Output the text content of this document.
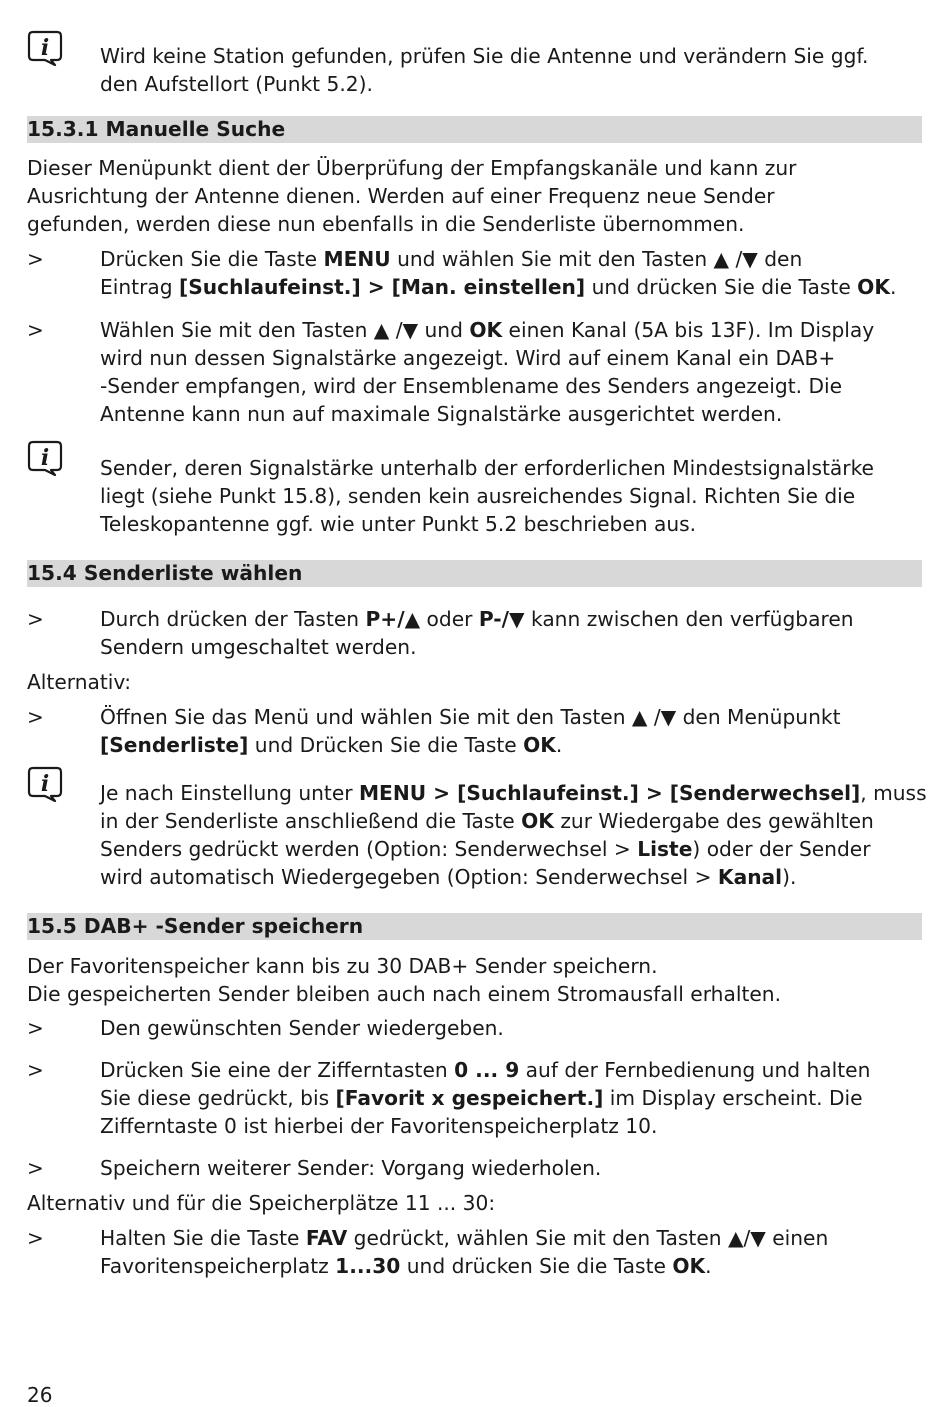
i	Wird keine Station gefunden, prüfen Sie die Antenne und verändern Sie ggf.
den Aufstellort (Punkt 5.2).
15.3.1 Manuelle Suche
Dieser Menüpunkt dient der Überprüfung der Empfangskanäle und kann zur
Ausrichtung der Antenne dienen. Werden auf einer Frequenz neue Sender
gefunden, werden diese nun ebenfalls in die Senderliste übernommen.
>	Drücken Sie die Taste MENU und wählen Sie mit den Tasten ▲ /▼ den
Eintrag [Suchlaufeinst.] > [Man. einstellen] und drücken Sie die Taste OK.
>	Wählen Sie mit den Tasten ▲ /▼ und OK einen Kanal (5A bis 13F). Im Display
wird nun dessen Signalstärke angezeigt. Wird auf einem Kanal ein DAB+
-Sender empfangen, wird der Ensemblename des Senders angezeigt. Die
Antenne kann nun auf maximale Signalstärke ausgerichtet werden.
i	Sender, deren Signalstärke unterhalb der erforderlichen Mindestsignalstärke
liegt (siehe Punkt 15.8), senden kein ausreichendes Signal. Richten Sie die
Teleskopantenne ggf. wie unter Punkt 5.2 beschrieben aus.
15.4 Senderliste wählen
>	Durch drücken der Tasten P+/▲ oder P-/▼ kann zwischen den verfügbaren
Sendern umgeschaltet werden.
Alternativ:
>	Öffnen Sie das Menü und wählen Sie mit den Tasten ▲ /▼ den Menüpunkt
[Senderliste] und Drücken Sie die Taste OK.
i	Je nach Einstellung unter MENU > [Suchlaufeinst.] > [Senderwechsel], muss
in der Senderliste anschließend die Taste OK zur Wiedergabe des gewählten
Senders gedrückt werden (Option: Senderwechsel > Liste) oder der Sender
wird automatisch Wiedergegeben (Option: Senderwechsel > Kanal).
15.5 DAB+ -Sender speichern
Der Favoritenspeicher kann bis zu 30 DAB+ Sender speichern.
Die gespeicherten Sender bleiben auch nach einem Stromausfall erhalten.
>	Den gewünschten Sender wiedergeben.
>	Drücken Sie eine der Zifferntasten 0 ... 9 auf der Fernbedienung und halten
Sie diese gedrückt, bis [Favorit x gespeichert.] im Display erscheint. Die
Zifferntaste 0 ist hierbei der Favoritenspeicherplatz 10.
>	Speichern weiterer Sender: Vorgang wiederholen.
Alternativ und für die Speicherplätze 11 ... 30:
>	Halten Sie die Taste FAV gedrückt, wählen Sie mit den Tasten ▲/▼ einen
Favoritenspeicherplatz 1...30 und drücken Sie die Taste OK.
26
